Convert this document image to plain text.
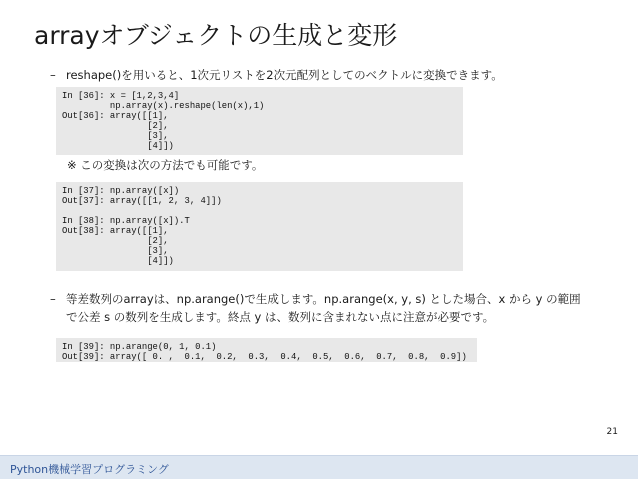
arrayオブジェクトの生成と変形
– reshape()を用いると、1次元リストを2次元配列としてのベクトルに変換できます。
In [36]: x = [1,2,3,4]
np.array(x).reshape(len(x),1)
Out[36]: array([[1],
[2],
[3],
[4]])
※ この変換は次の方法でも可能です。
In [37]: np.array([x])
Out[37]: array([[1, 2, 3, 4]])
In [38]: np.array([x]).T
Out[38]: array([[1],
[2],
[3],
[4]])
– 等差数列のarrayは、np.arange()で生成します。np.arange(x, y, s) とした場合、x から y の範囲
で公差 s の数列を生成します。終点 y は、数列に含まれない点に注意が必要です。
In [39]: np.arange(0, 1, 0.1)
Out[39]: array([ 0. ,  0.1,  0.2,  0.3,  0.4,  0.5,  0.6,  0.7,  0.8,  0.9])
21
Python機械学習プログラミング
